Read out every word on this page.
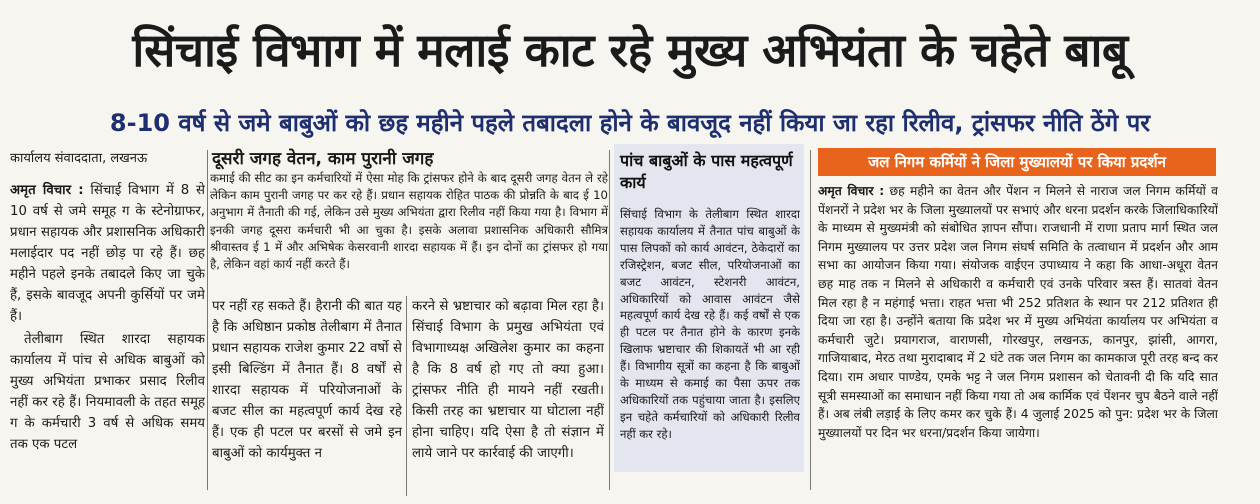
सिंचाई विभाग में मलाई काट रहे मुख्य अभियंता के चहेते बाबू
8-10 वर्ष से जमे बाबुओं को छह महीने पहले तबादला होने के बावजूद नहीं किया जा रहा रिलीव, ट्रांसफर नीति ठेंगे पर
कार्यालय संवाददाता, लखनऊ

अमृत विचार : सिंचाई विभाग में 8 से 10 वर्ष से जमे समूह ग के स्टेनोग्राफर, प्रधान सहायक और प्रशासनिक अधिकारी मलाईदार पद नहीं छोड़ पा रहे हैं। छह महीने पहले इनके तबादले किए जा चुके हैं, इसके बावजूद अपनी कुर्सियों पर जमे हैं।

तेलीबाग स्थित शारदा सहायक कार्यालय में पांच से अधिक बाबुओं को मुख्य अभियंता प्रभाकर प्रसाद रिलीव नहीं कर रहे हैं। नियमावली के तहत समूह ग के कर्मचारी 3 वर्ष से अधिक समय तक एक पटल

दूसरी जगह वेतन, काम पुरानी जगह
कमाई की सीट का इन कर्मचारियों में ऐसा मोह कि ट्रांसफर होने के बाद दूसरी जगह वेतन ले रहे लेकिन काम पुरानी जगह पर कर रहे हैं। प्रधान सहायक रोहित पाठक की प्रोन्नति के बाद ई 10 अनुभाग में तैनाती की गई, लेकिन उसे मुख्य अभियंता द्वारा रिलीव नहीं किया गया है। विभाग में इनकी जगह दूसरा कर्मचारी भी आ चुका है। इसके अलावा प्रशासनिक अधिकारी सौमित्र श्रीवास्तव ई 1 में और अभिषेक केसरवानी शारदा सहायक में हैं। इन दोनों का ट्रांसफर हो गया है, लेकिन वहां कार्य नहीं करते हैं।
पर नहीं रह सकते हैं। हैरानी की बात यह है कि अधिष्ठान प्रकोष्ठ तेलीबाग में तैनात प्रधान सहायक राजेश कुमार 22 वर्षो से इसी बिल्डिंग में तैनात हैं। 8 वर्षों से शारदा सहायक में परियोजनाओं के बजट सील का महत्वपूर्ण कार्य देख रहे हैं। एक ही पटल पर बरसों से जमे इन बाबुओं को कार्यमुक्त न
करने से भ्रष्टाचार को बढ़ावा मिल रहा है। सिंचाई विभाग के प्रमुख अभियंता एवं विभागाध्यक्ष अखिलेश कुमार का कहना है कि 8 वर्ष हो गए तो क्या हुआ। ट्रांसफर नीति ही मायने नहीं रखती। किसी तरह का भ्रष्टाचार या घोटाला नहीं होना चाहिए। यदि ऐसा है तो संज्ञान में लाये जाने पर कार्रवाई की जाएगी।
पांच बाबुओं के पास महत्वपूर्ण कार्य
सिंचाई विभाग के तेलीबाग स्थित शारदा सहायक कार्यालय में तैनात पांच बाबुओं के पास लिपकों को कार्य आवंटन, ठेकेदारों का रजिस्ट्रेशन, बजट सील, परियोजनाओं का बजट आवंटन, स्टेशनरी आवंटन, अधिकारियों को आवास आवंटन जैसे महत्वपूर्ण कार्य देख रहे हैं। कई वर्षों से एक ही पटल पर तैनात होने के कारण इनके खिलाफ भ्रष्टाचार की शिकायतें भी आ रही हैं। विभागीय सूत्रों का कहना है कि बाबुओं के माध्यम से कमाई का पैसा ऊपर तक अधिकारियों तक पहुंचाया जाता है। इसलिए इन चहेते कर्मचारियों को अधिकारी रिलीव नहीं कर रहे।
जल निगम कर्मियों ने जिला मुख्यालयों पर किया प्रदर्शन
अमृत विचार : छह महीने का वेतन और पेंशन न मिलने से नाराज जल निगम कर्मियों व पेंशनरों ने प्रदेश भर के जिला मुख्यालयों पर सभाएं और धरना प्रदर्शन करके जिलाधिकारियों के माध्यम से मुख्यमंत्री को संबोधित ज्ञापन सौंपा। राजधानी में राणा प्रताप मार्ग स्थित जल निगम मुख्यालय पर उत्तर प्रदेश जल निगम संघर्ष समिति के तत्वाधान में प्रदर्शन और आम सभा का आयोजन किया गया। संयोजक वाईएन उपाध्याय ने कहा कि आधा-अधूरा वेतन छह माह तक न मिलने से अधिकारी व कर्मचारी एवं उनके परिवार त्रस्त हैं। सातवां वेतन मिल रहा है न महंगाई भत्ता। राहत भत्ता भी 252 प्रतिशत के स्थान पर 212 प्रतिशत ही दिया जा रहा है। उन्होंने बताया कि प्रदेश भर में मुख्य अभियंता कार्यालय पर अभियंता व कर्मचारी जुटे। प्रयागराज, वाराणसी, गोरखपुर, लखनऊ, कानपुर, झांसी, आगरा, गाजियाबाद, मेरठ तथा मुरादाबाद में 2 घंटे तक जल निगम का कामकाज पूरी तरह बन्द कर दिया। राम अधार पाण्डेय, एमके भट्ट ने जल निगम प्रशासन को चेतावनी दी कि यदि सात सूत्री समस्याओं का समाधान नहीं किया गया तो अब कार्मिक एवं पेंशनर चुप बैठने वाले नहीं हैं। अब लंबी लड़ाई के लिए कमर कर चुके हैं। 4 जुलाई 2025 को पुन: प्रदेश भर के जिला मुख्यालयों पर दिन भर धरना/प्रदर्शन किया जायेगा।
